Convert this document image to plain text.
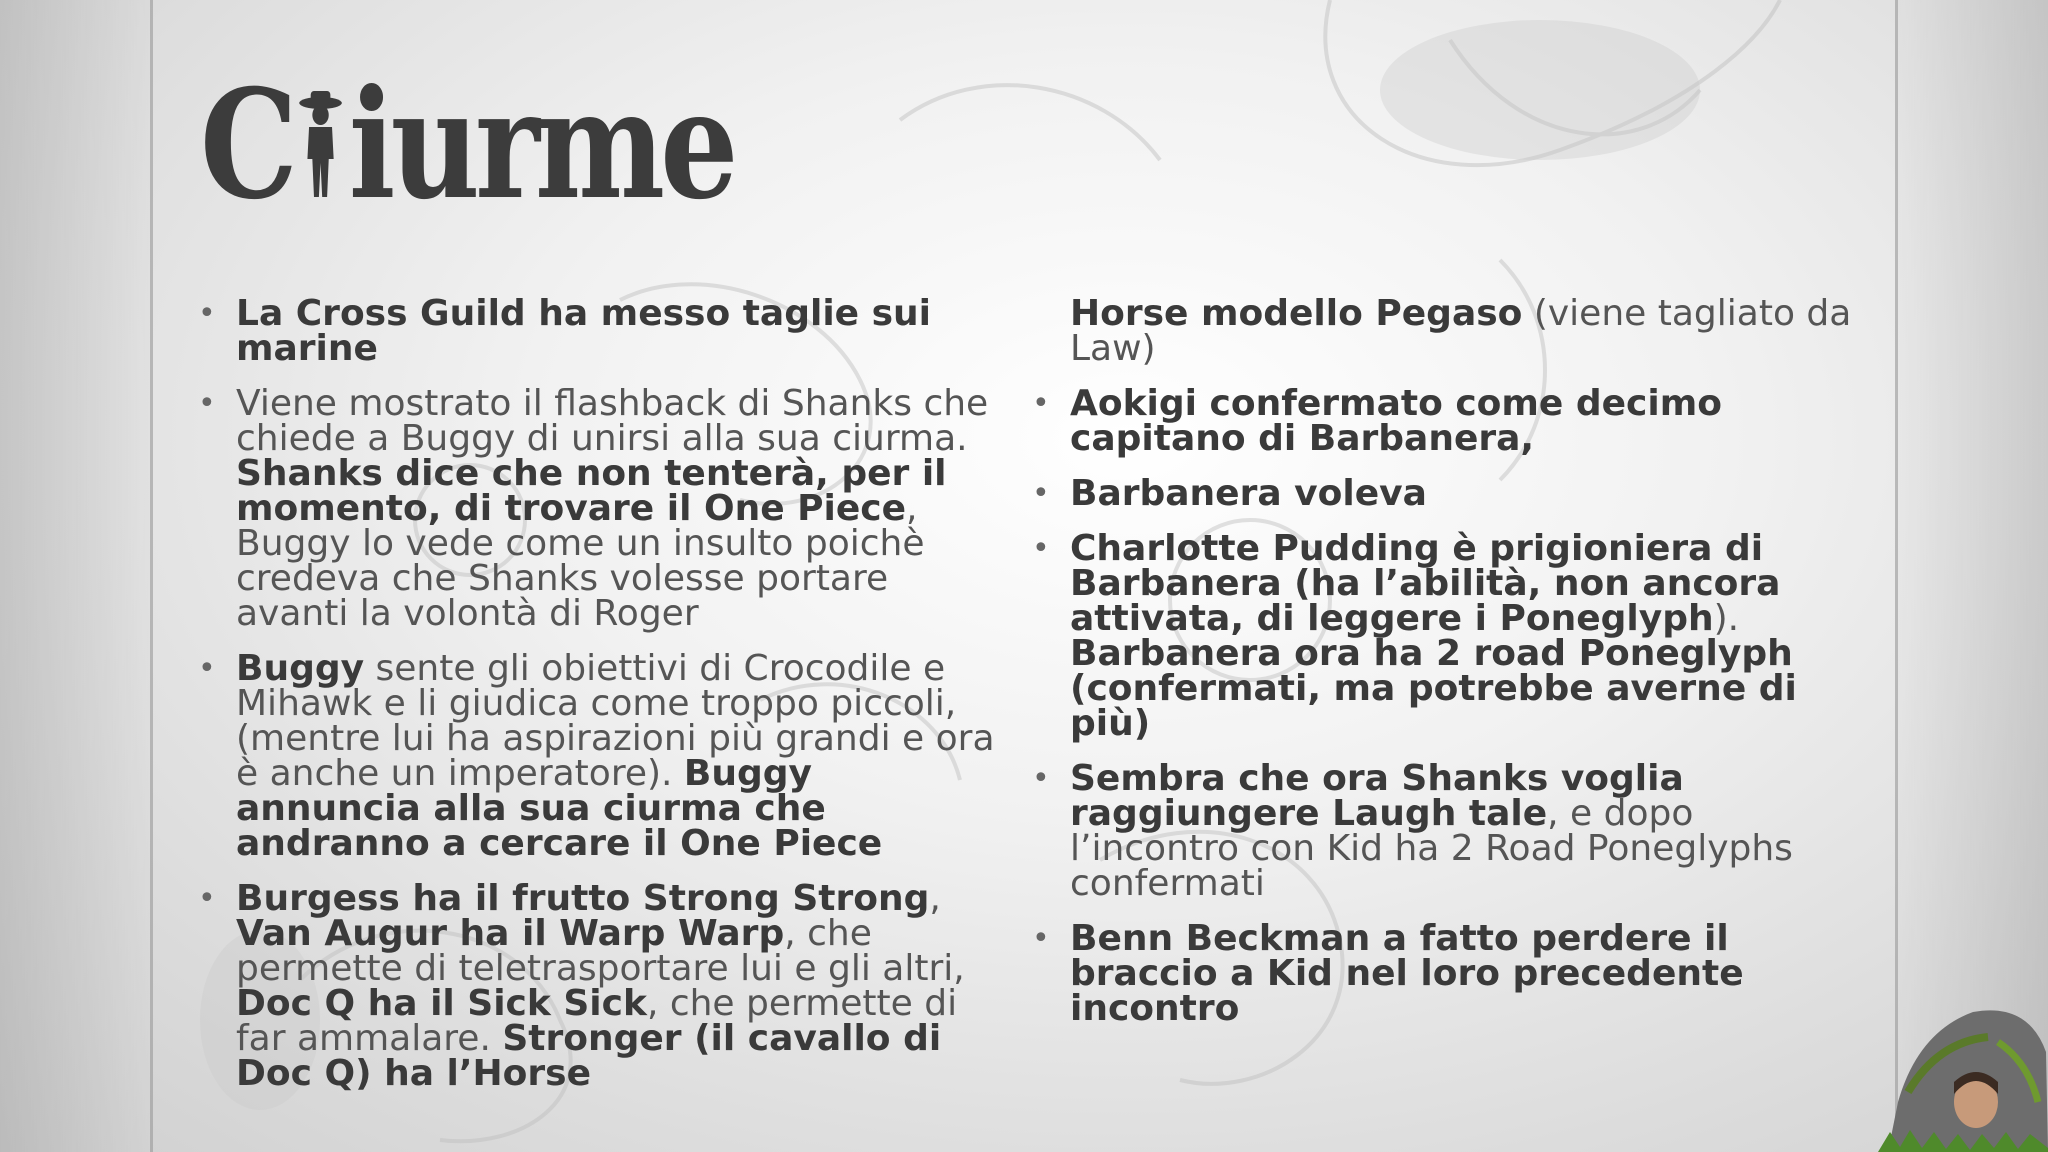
C iurme
• La Cross Guild ha messo taglie sui marine
• Viene mostrato il flashback di Shanks che chiede a Buggy di unirsi alla sua ciurma. Shanks dice che non tenterà, per il momento, di trovare il One Piece, Buggy lo vede come un insulto poichè credeva che Shanks volesse portare avanti la volontà di Roger
• Buggy sente gli obiettivi di Crocodile e Mihawk e li giudica come troppo piccoli, (mentre lui ha aspirazioni più grandi e ora è anche un imperatore). Buggy annuncia alla sua ciurma che andranno a cercare il One Piece
• Burgess ha il frutto Strong Strong, Van Augur ha il Warp Warp, che permette di teletrasportare lui e gli altri, Doc Q ha il Sick Sick, che permette di far ammalare. Stronger (il cavallo di Doc Q) ha l’Horse
Horse modello Pegaso (viene tagliato da Law)
• Aokigi confermato come decimo capitano di Barbanera,
• Barbanera voleva
• Charlotte Pudding è prigioniera di Barbanera (ha l’abilità, non ancora attivata, di leggere i Poneglyph). Barbanera ora ha 2 road Poneglyph (confermati, ma potrebbe averne di più)
• Sembra che ora Shanks voglia raggiungere Laugh tale, e dopo l’incontro con Kid ha 2 Road Poneglyphs confermati
• Benn Beckman a fatto perdere il braccio a Kid nel loro precedente incontro
